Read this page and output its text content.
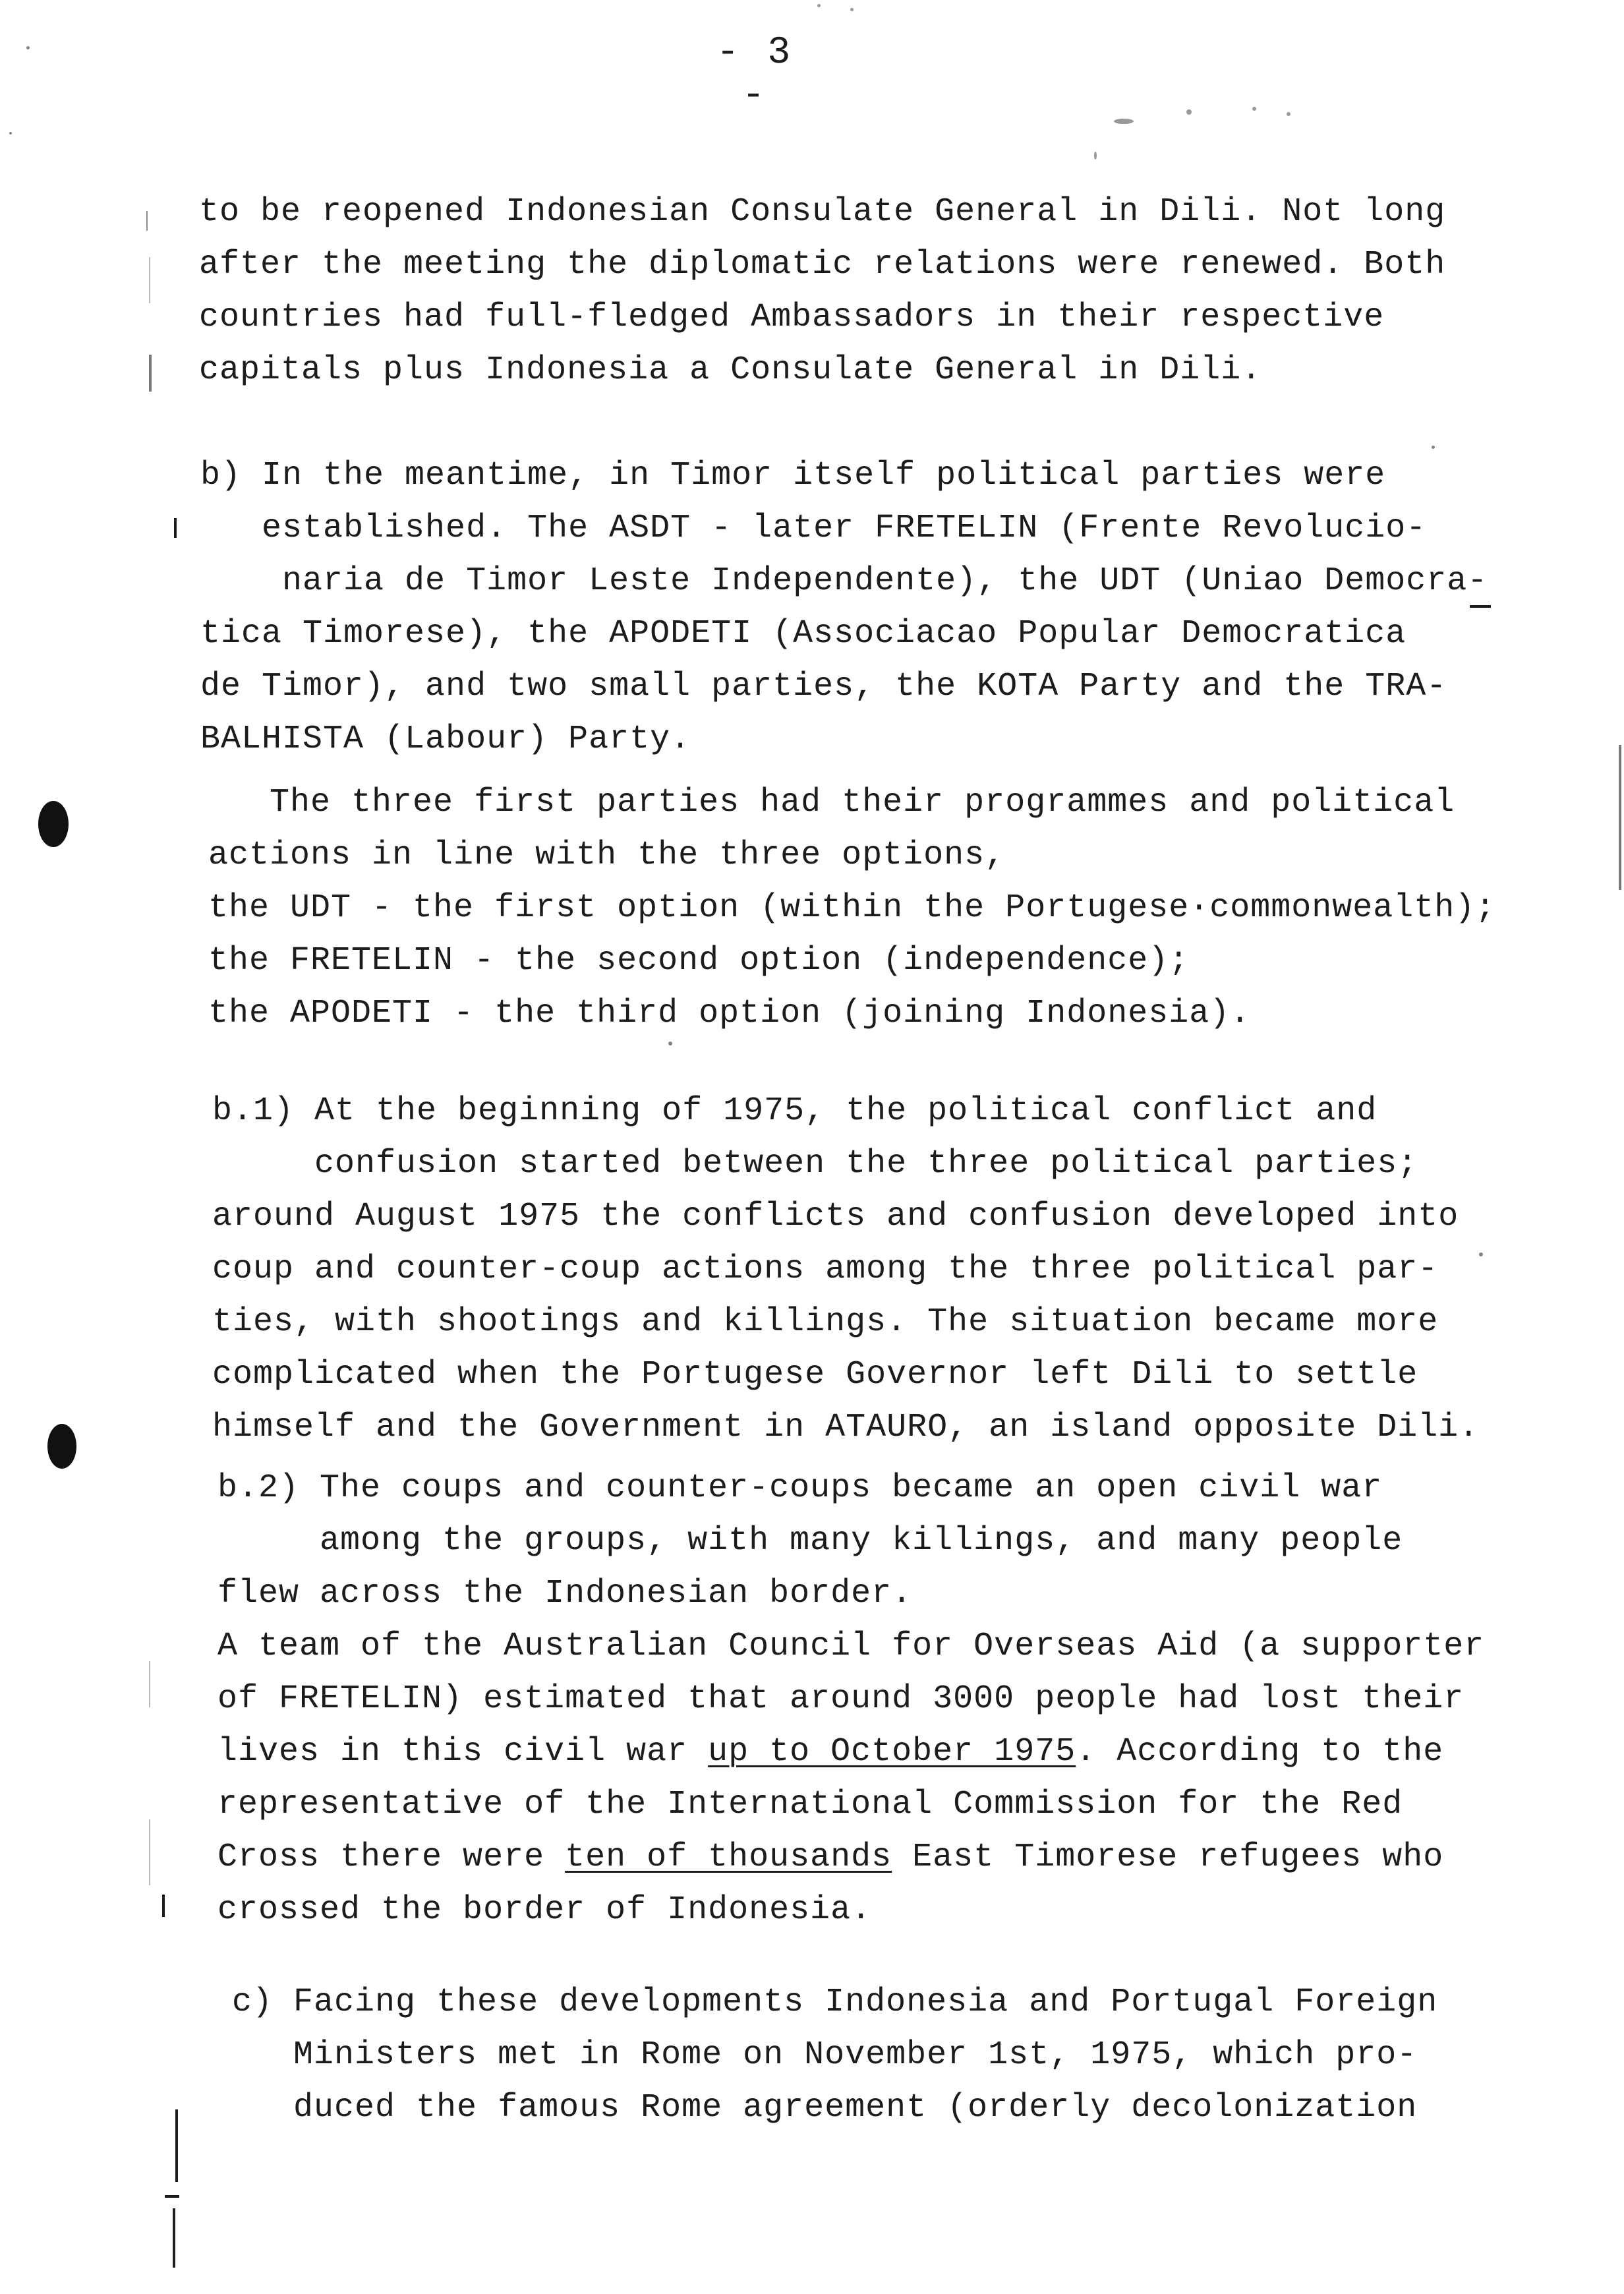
- 3 -
to be reopened Indonesian Consulate General in Dili. Not long
after the meeting the diplomatic relations were renewed. Both
countries had full-fledged Ambassadors in their respective
capitals plus Indonesia a Consulate General in Dili.
b) In the meantime, in Timor itself political parties were
established. The ASDT - later FRETELIN (Frente Revolucio-
naria de Timor Leste Independente), the UDT (Uniao Democra-
tica Timorese), the APODETI (Associacao Popular Democratica
de Timor), and two small parties, the KOTA Party and the TRA-
BALHISTA (Labour) Party.
The three first parties had their programmes and political
actions in line with the three options,
the UDT - the first option (within the Portugese·commonwealth);
the FRETELIN - the second option (independence);
the APODETI - the third option (joining Indonesia).
b.1) At the beginning of 1975, the political conflict and
confusion started between the three political parties;
around August 1975 the conflicts and confusion developed into
coup and counter-coup actions among the three political par-
ties, with shootings and killings. The situation became more
complicated when the Portugese Governor left Dili to settle
himself and the Government in ATAURO, an island opposite Dili.
b.2) The coups and counter-coups became an open civil war
among the groups, with many killings, and many people
flew across the Indonesian border.
A team of the Australian Council for Overseas Aid (a supporter
of FRETELIN) estimated that around 3000 people had lost their
lives in this civil war up to October 1975. According to the
representative of the International Commission for the Red
Cross there were ten of thousands East Timorese refugees who
crossed the border of Indonesia.
c) Facing these developments Indonesia and Portugal Foreign
Ministers met in Rome on November 1st, 1975, which pro-
duced the famous Rome agreement (orderly decolonization
